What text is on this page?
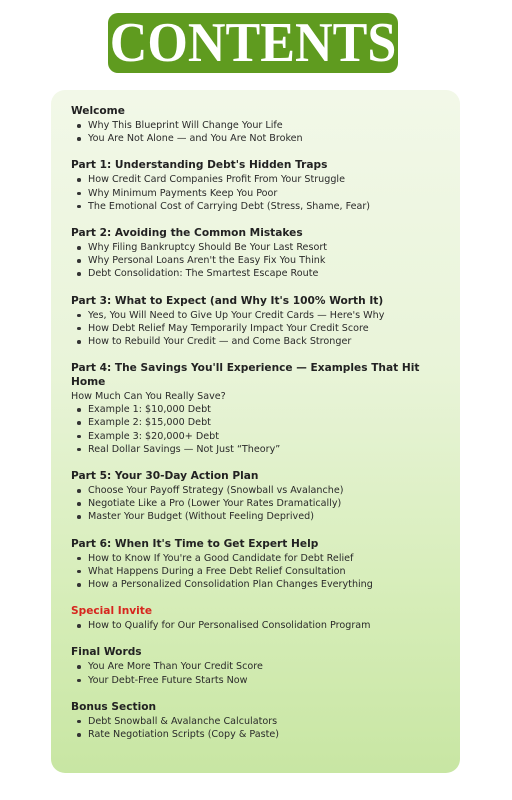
CONTENTS
Welcome
Why This Blueprint Will Change Your Life
You Are Not Alone — and You Are Not Broken
Part 1: Understanding Debt's Hidden Traps
How Credit Card Companies Profit From Your Struggle
Why Minimum Payments Keep You Poor
The Emotional Cost of Carrying Debt (Stress, Shame, Fear)
Part 2: Avoiding the Common Mistakes
Why Filing Bankruptcy Should Be Your Last Resort
Why Personal Loans Aren't the Easy Fix You Think
Debt Consolidation: The Smartest Escape Route
Part 3: What to Expect (and Why It's 100% Worth It)
Yes, You Will Need to Give Up Your Credit Cards — Here's Why
How Debt Relief May Temporarily Impact Your Credit Score
How to Rebuild Your Credit — and Come Back Stronger
Part 4: The Savings You'll Experience — Examples That Hit Home
How Much Can You Really Save?
Example 1: $10,000 Debt
Example 2: $15,000 Debt
Example 3: $20,000+ Debt
Real Dollar Savings — Not Just “Theory”
Part 5: Your 30-Day Action Plan
Choose Your Payoff Strategy (Snowball vs Avalanche)
Negotiate Like a Pro (Lower Your Rates Dramatically)
Master Your Budget (Without Feeling Deprived)
Part 6: When It's Time to Get Expert Help
How to Know If You're a Good Candidate for Debt Relief
What Happens During a Free Debt Relief Consultation
How a Personalized Consolidation Plan Changes Everything
Special Invite
How to Qualify for Our Personalised Consolidation Program
Final Words
You Are More Than Your Credit Score
Your Debt-Free Future Starts Now
Bonus Section
Debt Snowball & Avalanche Calculators
Rate Negotiation Scripts (Copy & Paste)
